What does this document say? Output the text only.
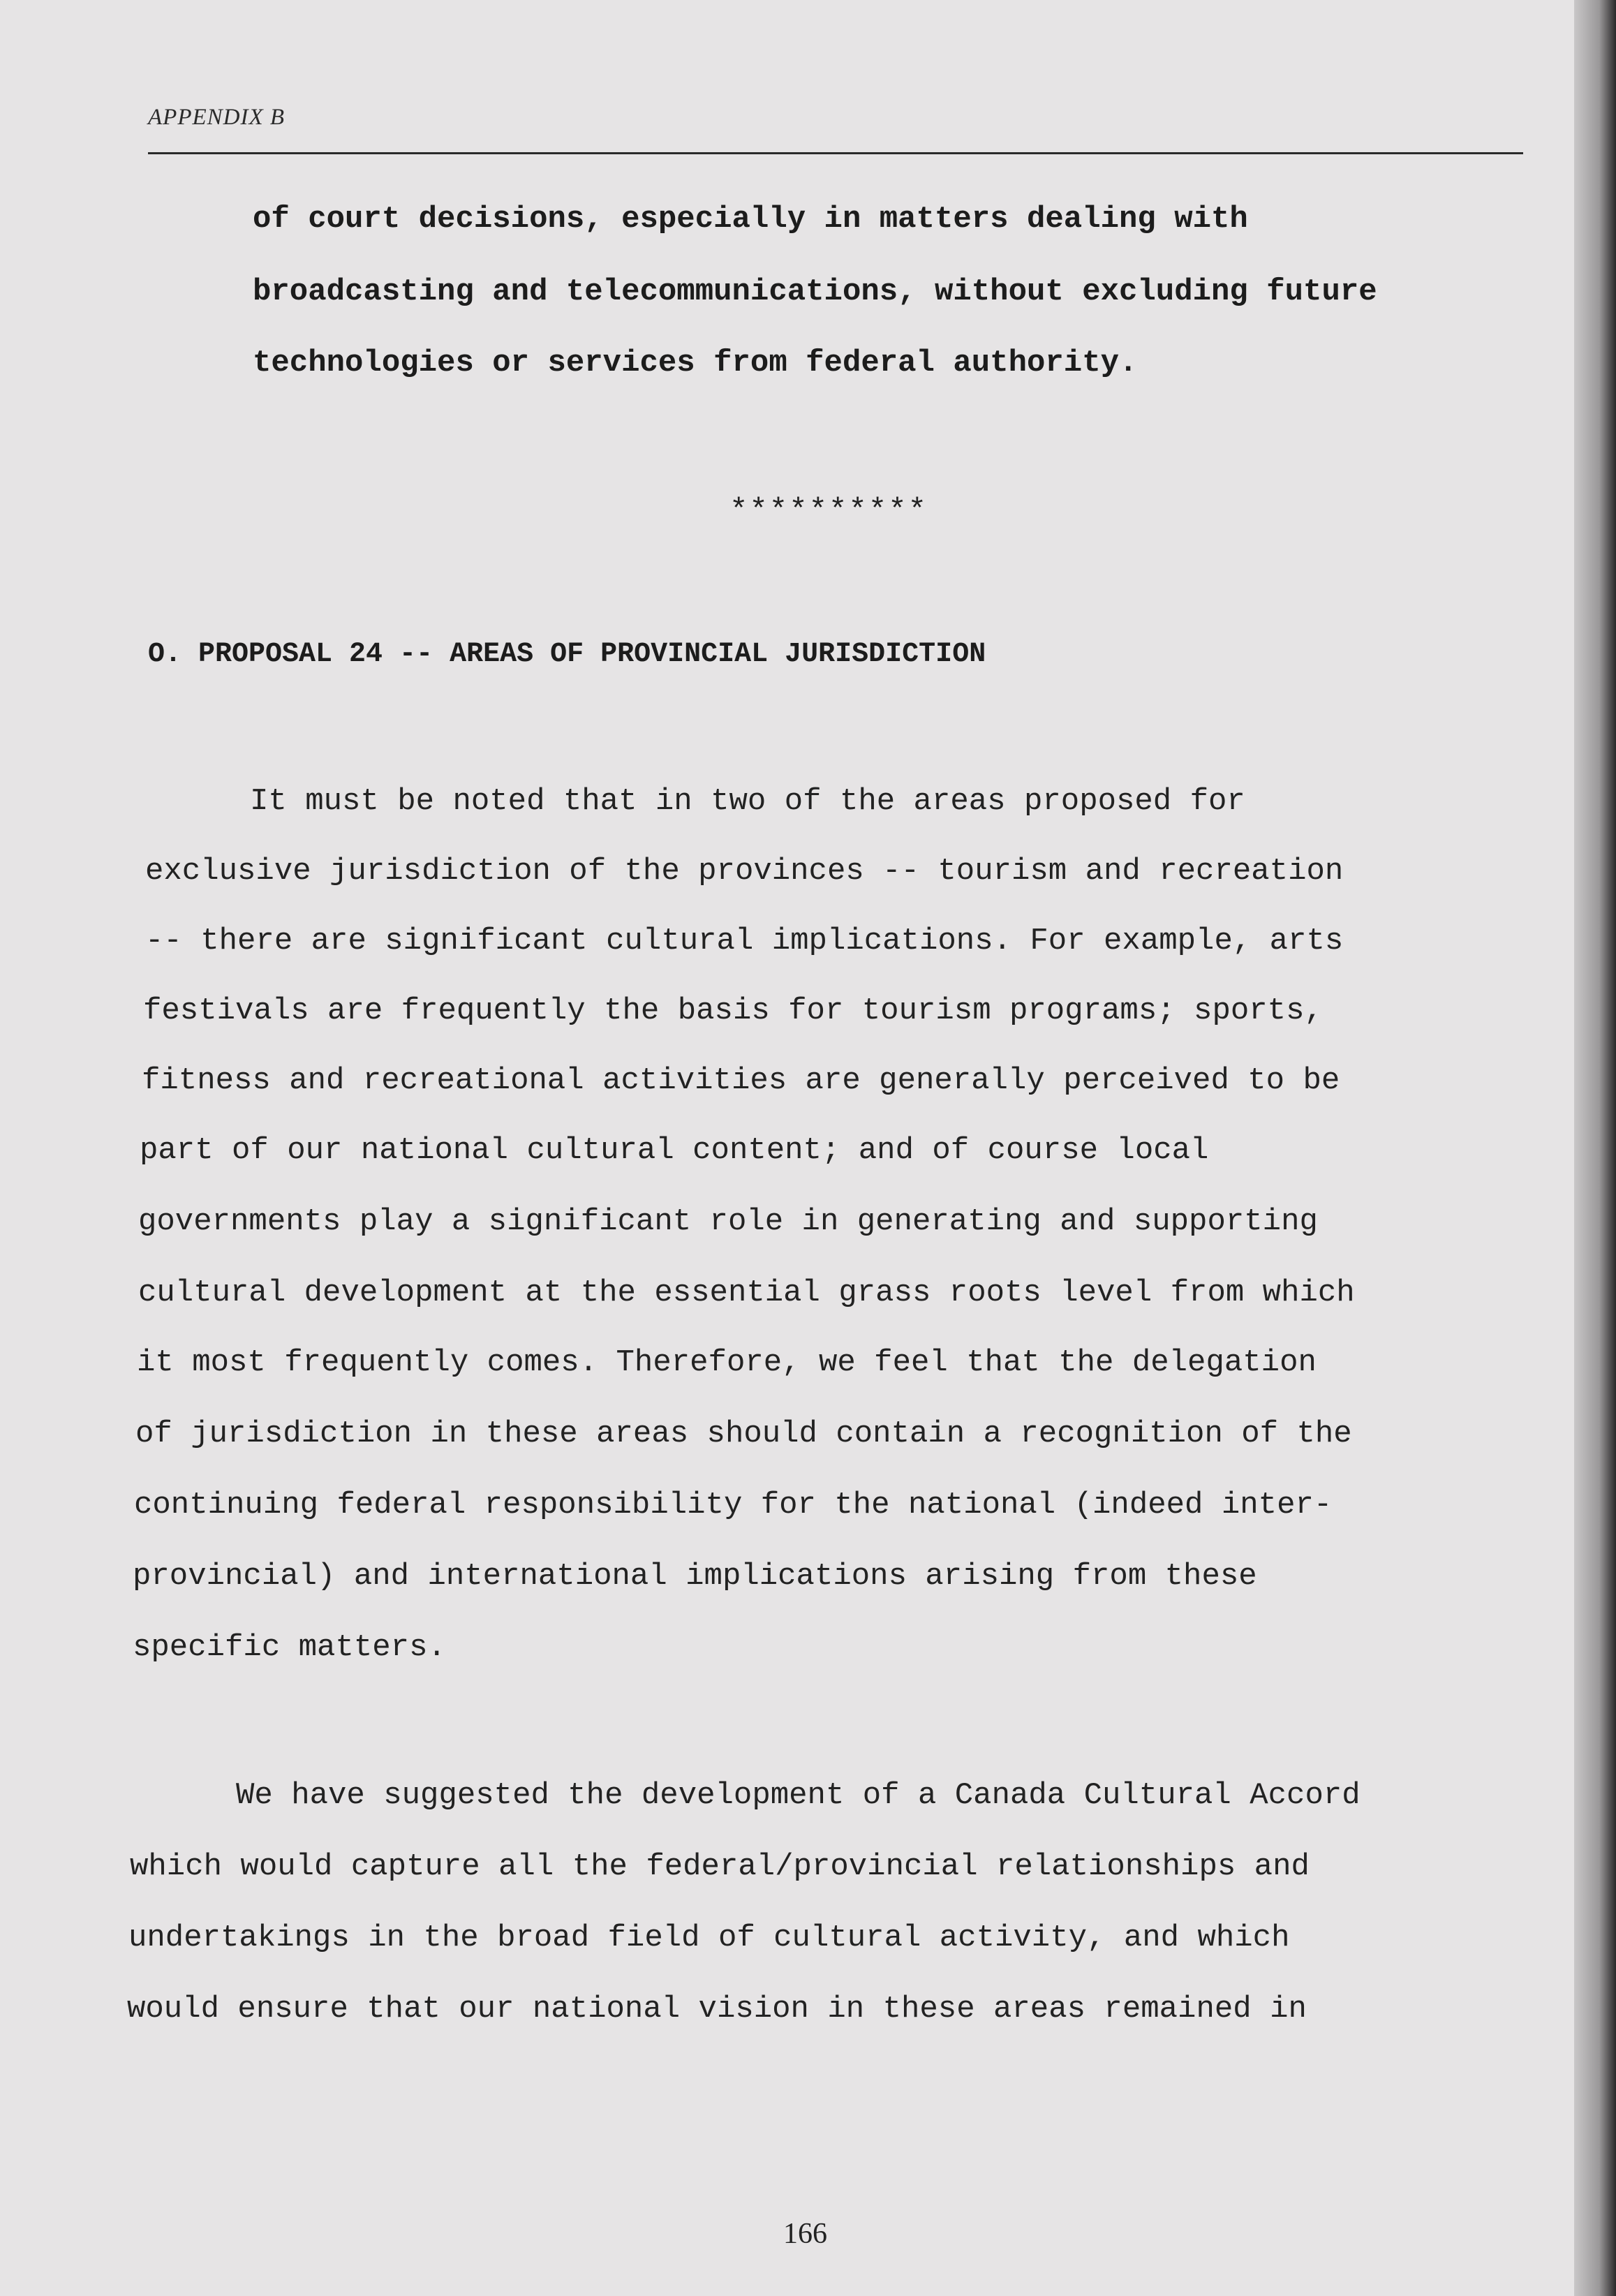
APPENDIX B
of court decisions, especially in matters dealing with
broadcasting and telecommunications, without excluding future
technologies or services from federal authority.
**********
O. PROPOSAL 24 -- AREAS OF PROVINCIAL JURISDICTION
It must be noted that in two of the areas proposed for
exclusive jurisdiction of the provinces -- tourism and recreation
-- there are significant cultural implications. For example, arts
festivals are frequently the basis for tourism programs; sports,
fitness and recreational activities are generally perceived to be
part of our national cultural content; and of course local
governments play a significant role in generating and supporting
cultural development at the essential grass roots level from which
it most frequently comes. Therefore, we feel that the delegation
of jurisdiction in these areas should contain a recognition of the
continuing federal responsibility for the national (indeed inter-
provincial) and international implications arising from these
specific matters.
We have suggested the development of a Canada Cultural Accord
which would capture all the federal/provincial relationships and
undertakings in the broad field of cultural activity, and which
would ensure that our national vision in these areas remained in
166
